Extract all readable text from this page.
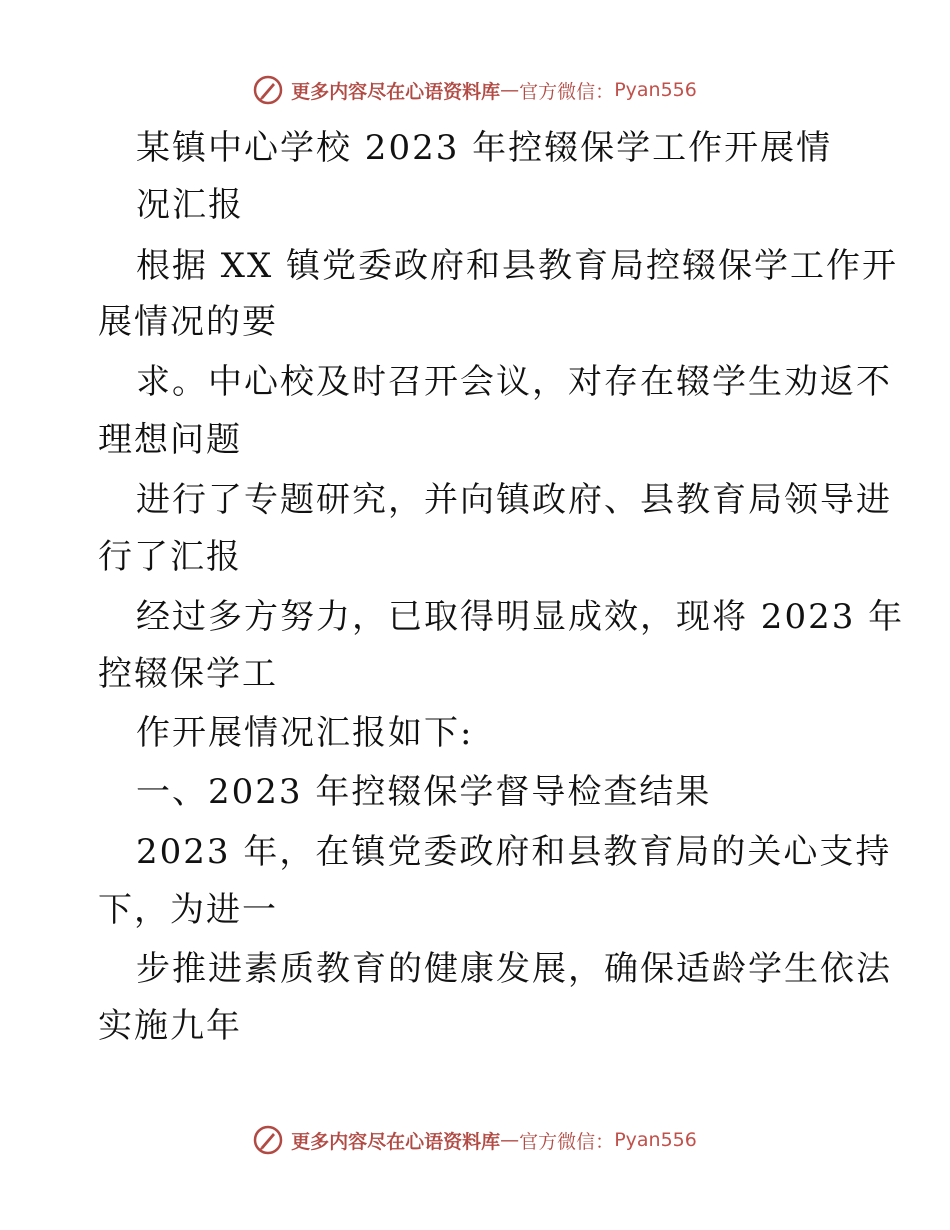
更多内容尽在心语资料库 — 官方微信： Pyan556
某镇中心学校 2023 年控辍保学工作开展情
况汇报
根据 XX 镇党委政府和县教育局控辍保学工作开
展情况的要
求。中心校及时召开会议，对存在辍学生劝返不
理想问题
进行了专题研究，并向镇政府、县教育局领导进
行了汇报
经过多方努力，已取得明显成效，现将 2023 年
控辍保学工
作开展情况汇报如下:
一、2023 年控辍保学督导检查结果
2023 年，在镇党委政府和县教育局的关心支持
下，为进一
步推进素质教育的健康发展，确保适龄学生依法
实施九年
更多内容尽在心语资料库 — 官方微信： Pyan556
